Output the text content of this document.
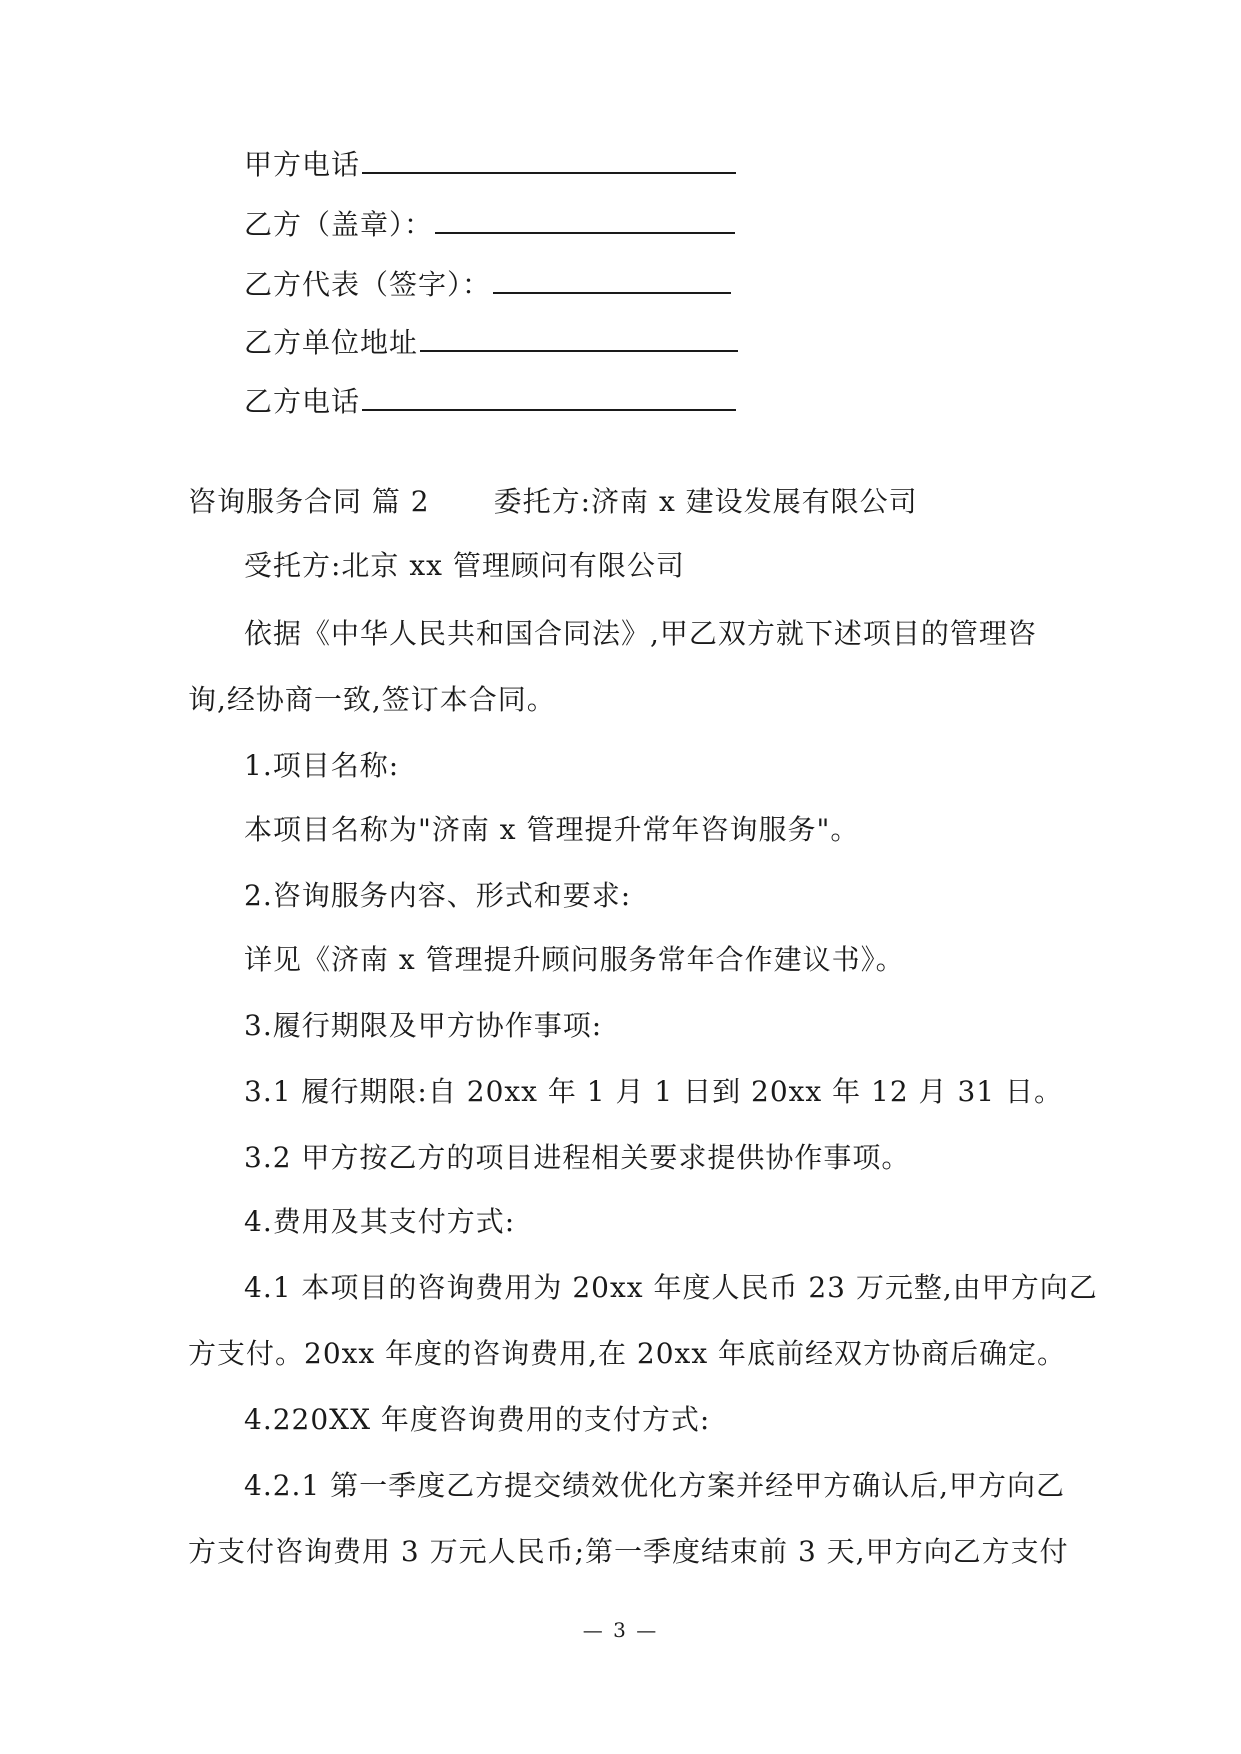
甲方电话
乙方（盖章）：
乙方代表（签字）：
乙方单位地址
乙方电话
咨询服务合同 篇 2 委托方:济南 x 建设发展有限公司
受托方:北京 xx 管理顾问有限公司
依据《中华人民共和国合同法》,甲乙双方就下述项目的管理咨
询,经协商一致,签订本合同。
1.项目名称:
本项目名称为"济南 x 管理提升常年咨询服务"。
2.咨询服务内容、形式和要求:
详见《济南 x 管理提升顾问服务常年合作建议书》。
3.履行期限及甲方协作事项:
3.1 履行期限:自 20xx 年 1 月 1 日到 20xx 年 12 月 31 日。
3.2 甲方按乙方的项目进程相关要求提供协作事项。
4.费用及其支付方式:
4.1 本项目的咨询费用为 20xx 年度人民币 23 万元整,由甲方向乙
方支付。20xx 年度的咨询费用,在 20xx 年底前经双方协商后确定。
4.220XX 年度咨询费用的支付方式:
4.2.1 第一季度乙方提交绩效优化方案并经甲方确认后,甲方向乙
方支付咨询费用 3 万元人民币;第一季度结束前 3 天,甲方向乙方支付
— 3 —
